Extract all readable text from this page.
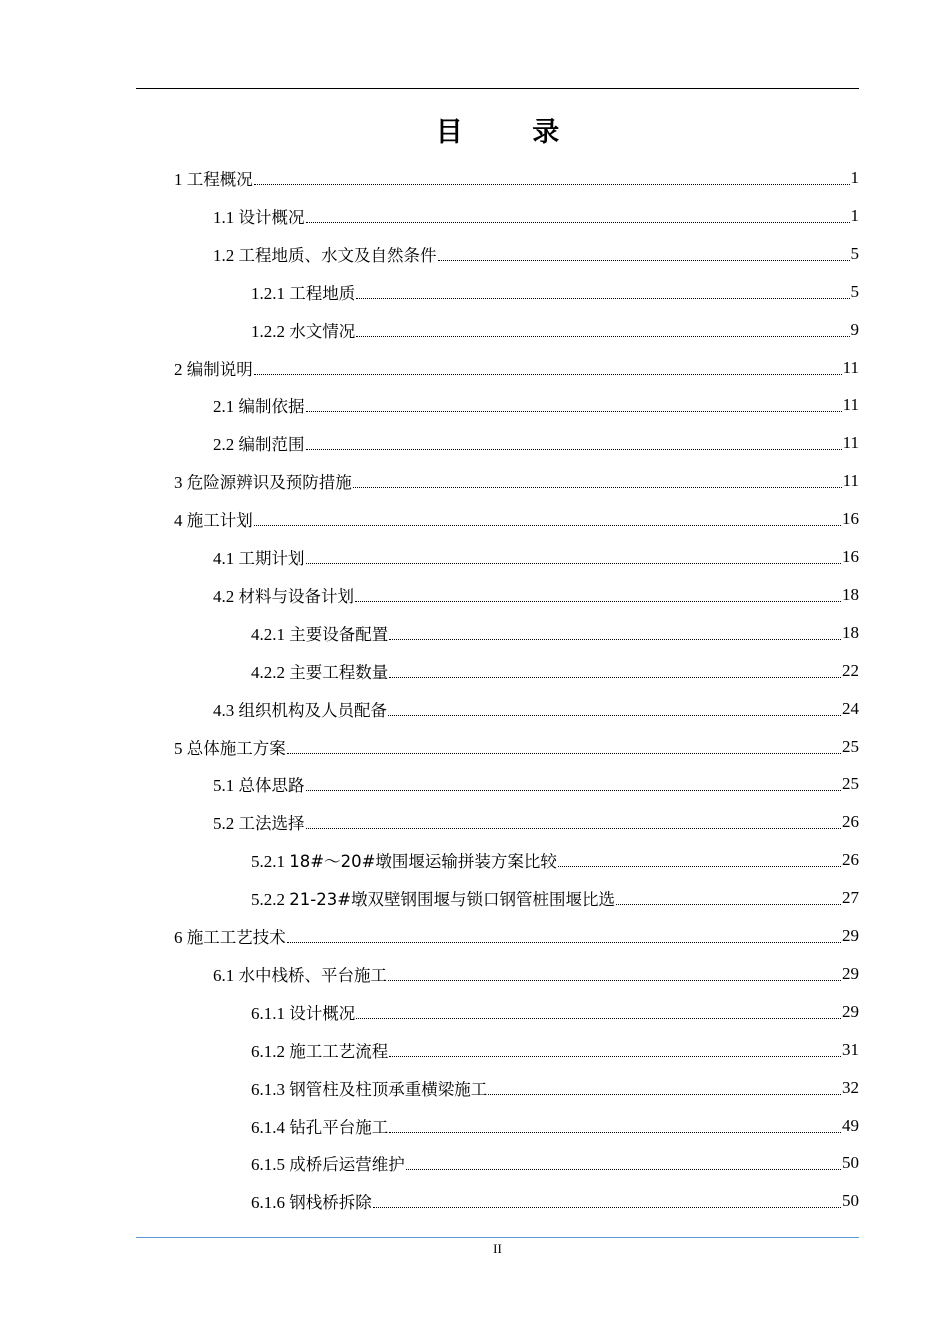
目 录
1 工程概况	1
1.1 设计概况	1
1.2 工程地质、水文及自然条件	5
1.2.1 工程地质	5
1.2.2 水文情况	9
2 编制说明	11
2.1 编制依据	11
2.2 编制范围	11
3 危险源辨识及预防措施	11
4 施工计划	16
4.1 工期计划	16
4.2 材料与设备计划	18
4.2.1 主要设备配置	18
4.2.2 主要工程数量	22
4.3 组织机构及人员配备	24
5 总体施工方案	25
5.1 总体思路	25
5.2 工法选择	26
5.2.1 18#～20#墩围堰运输拼装方案比较	26
5.2.2 21-23#墩双壁钢围堰与锁口钢管桩围堰比选	27
6 施工工艺技术	29
6.1 水中栈桥、平台施工	29
6.1.1 设计概况	29
6.1.2 施工工艺流程	31
6.1.3 钢管柱及柱顶承重横梁施工	32
6.1.4 钻孔平台施工	49
6.1.5 成桥后运营维护	50
6.1.6 钢栈桥拆除	50
II
